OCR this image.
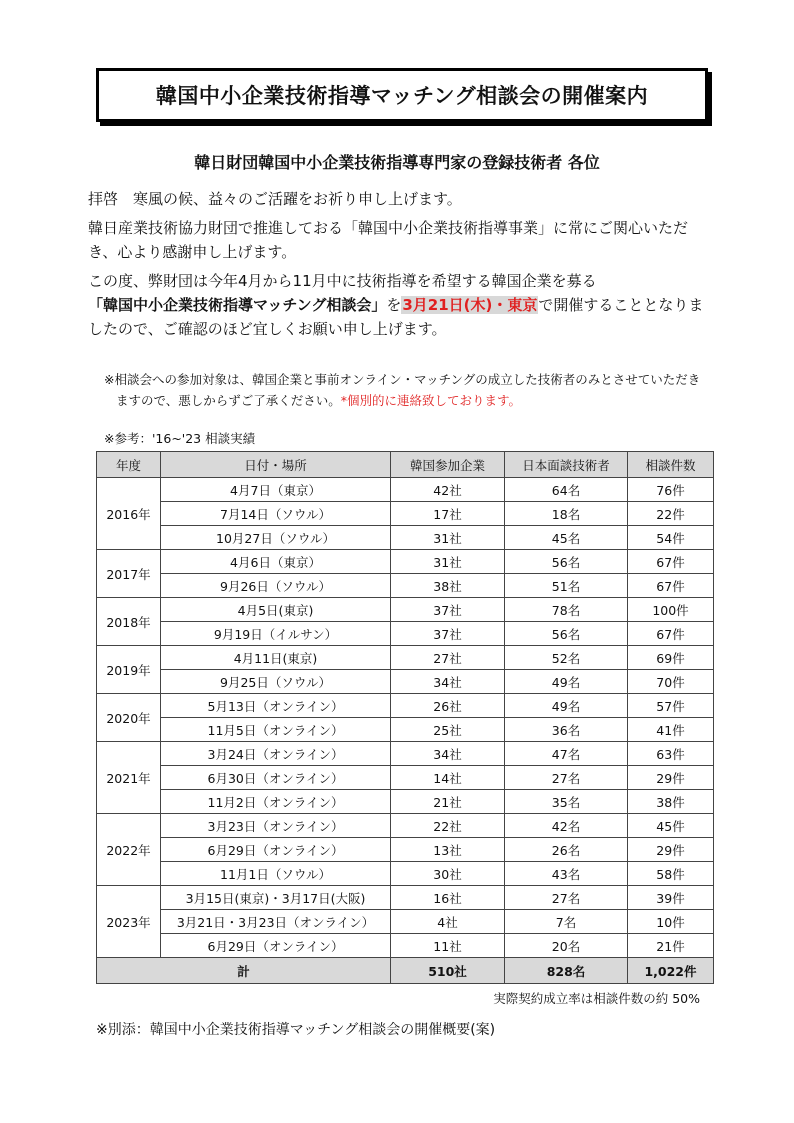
韓国中小企業技術指導マッチング相談会の開催案内
韓日財団韓国中小企業技術指導専門家の登録技術者 各位
拝啓　寒風の候、益々のご活躍をお祈り申し上げます。
韓日産業技術協力財団で推進しておる「韓国中小企業技術指導事業」に常にご関心いただき、心より感謝申し上げます。
この度、弊財団は今年4月から11月中に技術指導を希望する韓国企業を募る
「韓国中小企業技術指導マッチング相談会」を3月21日(木)・東京で開催することとなりましたので、ご確認のほど宜しくお願い申し上げます。
※相談会への参加対象は、韓国企業と事前オンライン・マッチングの成立した技術者のみとさせていただき
ますので、悪しからずご了承ください。*個別的に連絡致しております。
※参考：'16~'23 相談実績
年度	日付・場所	韓国参加企業	日本面談技術者	相談件数
2016年	4月7日（東京）	42社	64名	76件
	7月14日（ソウル）	17社	18名	22件
	10月27日（ソウル）	31社	45名	54件
2017年	4月6日（東京）	31社	56名	67件
	9月26日（ソウル）	38社	51名	67件
2018年	4月5日(東京)	37社	78名	100件
	9月19日（イルサン）	37社	56名	67件
2019年	4月11日(東京)	27社	52名	69件
	9月25日（ソウル）	34社	49名	70件
2020年	5月13日（オンライン）	26社	49名	57件
	11月5日（オンライン）	25社	36名	41件
2021年	3月24日（オンライン）	34社	47名	63件
	6月30日（オンライン）	14社	27名	29件
	11月2日（オンライン）	21社	35名	38件
2022年	3月23日（オンライン）	22社	42名	45件
	6月29日（オンライン）	13社	26名	29件
	11月1日（ソウル）	30社	43名	58件
2023年	3月15日(東京)・3月17日(大阪)	16社	27名	39件
	3月21日・3月23日（オンライン）	4社	7名	10件
	6月29日（オンライン）	11社	20名	21件
計		510社	828名	1,022件
実際契約成立率は相談件数の約 50%
※別添：韓国中小企業技術指導マッチング相談会の開催概要(案)
